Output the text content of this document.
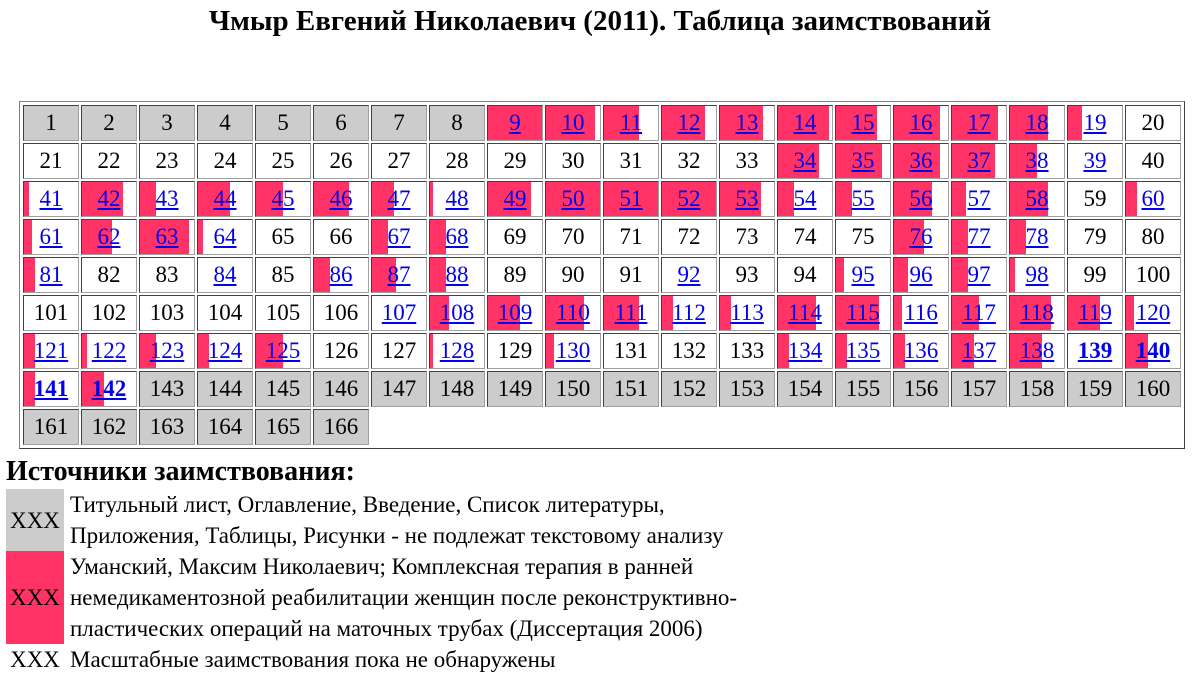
Чмыр Евгений Николаевич (2011). Таблица заимствований
1	2	3	4	5	6	7	8	9	10	11	12	13	14	15	16	17	18	19	20
21	22	23	24	25	26	27	28	29	30	31	32	33	34	35	36	37	38	39	40

41	42	43	44	45	46	47	48	49	50	51	52	53	54	55	56	57	58	59	60

61	62	63	64	65	66	67	68	69	70	71	72	73	74	75	76	77	78	79	80

81	82	83	84	85	86	87	88	89	90	91	92	93	94	95	96	97	98	99	100
101	102	103	104	105	106	107	108	109	110	111	112	113	114	115	116	117	118	119	120

121	122	123	124	125	126	127	128	129	130	131	132	133	134	135	136	137	138	139	140

141	142	143	144	145	146	147	148	149	150	151	152	153	154	155	156	157	158	159	160
161	162	163	164	165	166														
Источники заимствования:
XXX	Титульный лист, Оглавление, Введение, Список литературы,
Приложения, Таблицы, Рисунки - не подлежат текстовому анализу

XXX	Уманский, Максим Николаевич; Комплексная терапия в ранней
немедикаментозной реабилитации женщин после реконструктивно-
пластических операций на маточных трубах (Диссертация 2006)

XXX	Масштабные заимствования пока не обнаружены
